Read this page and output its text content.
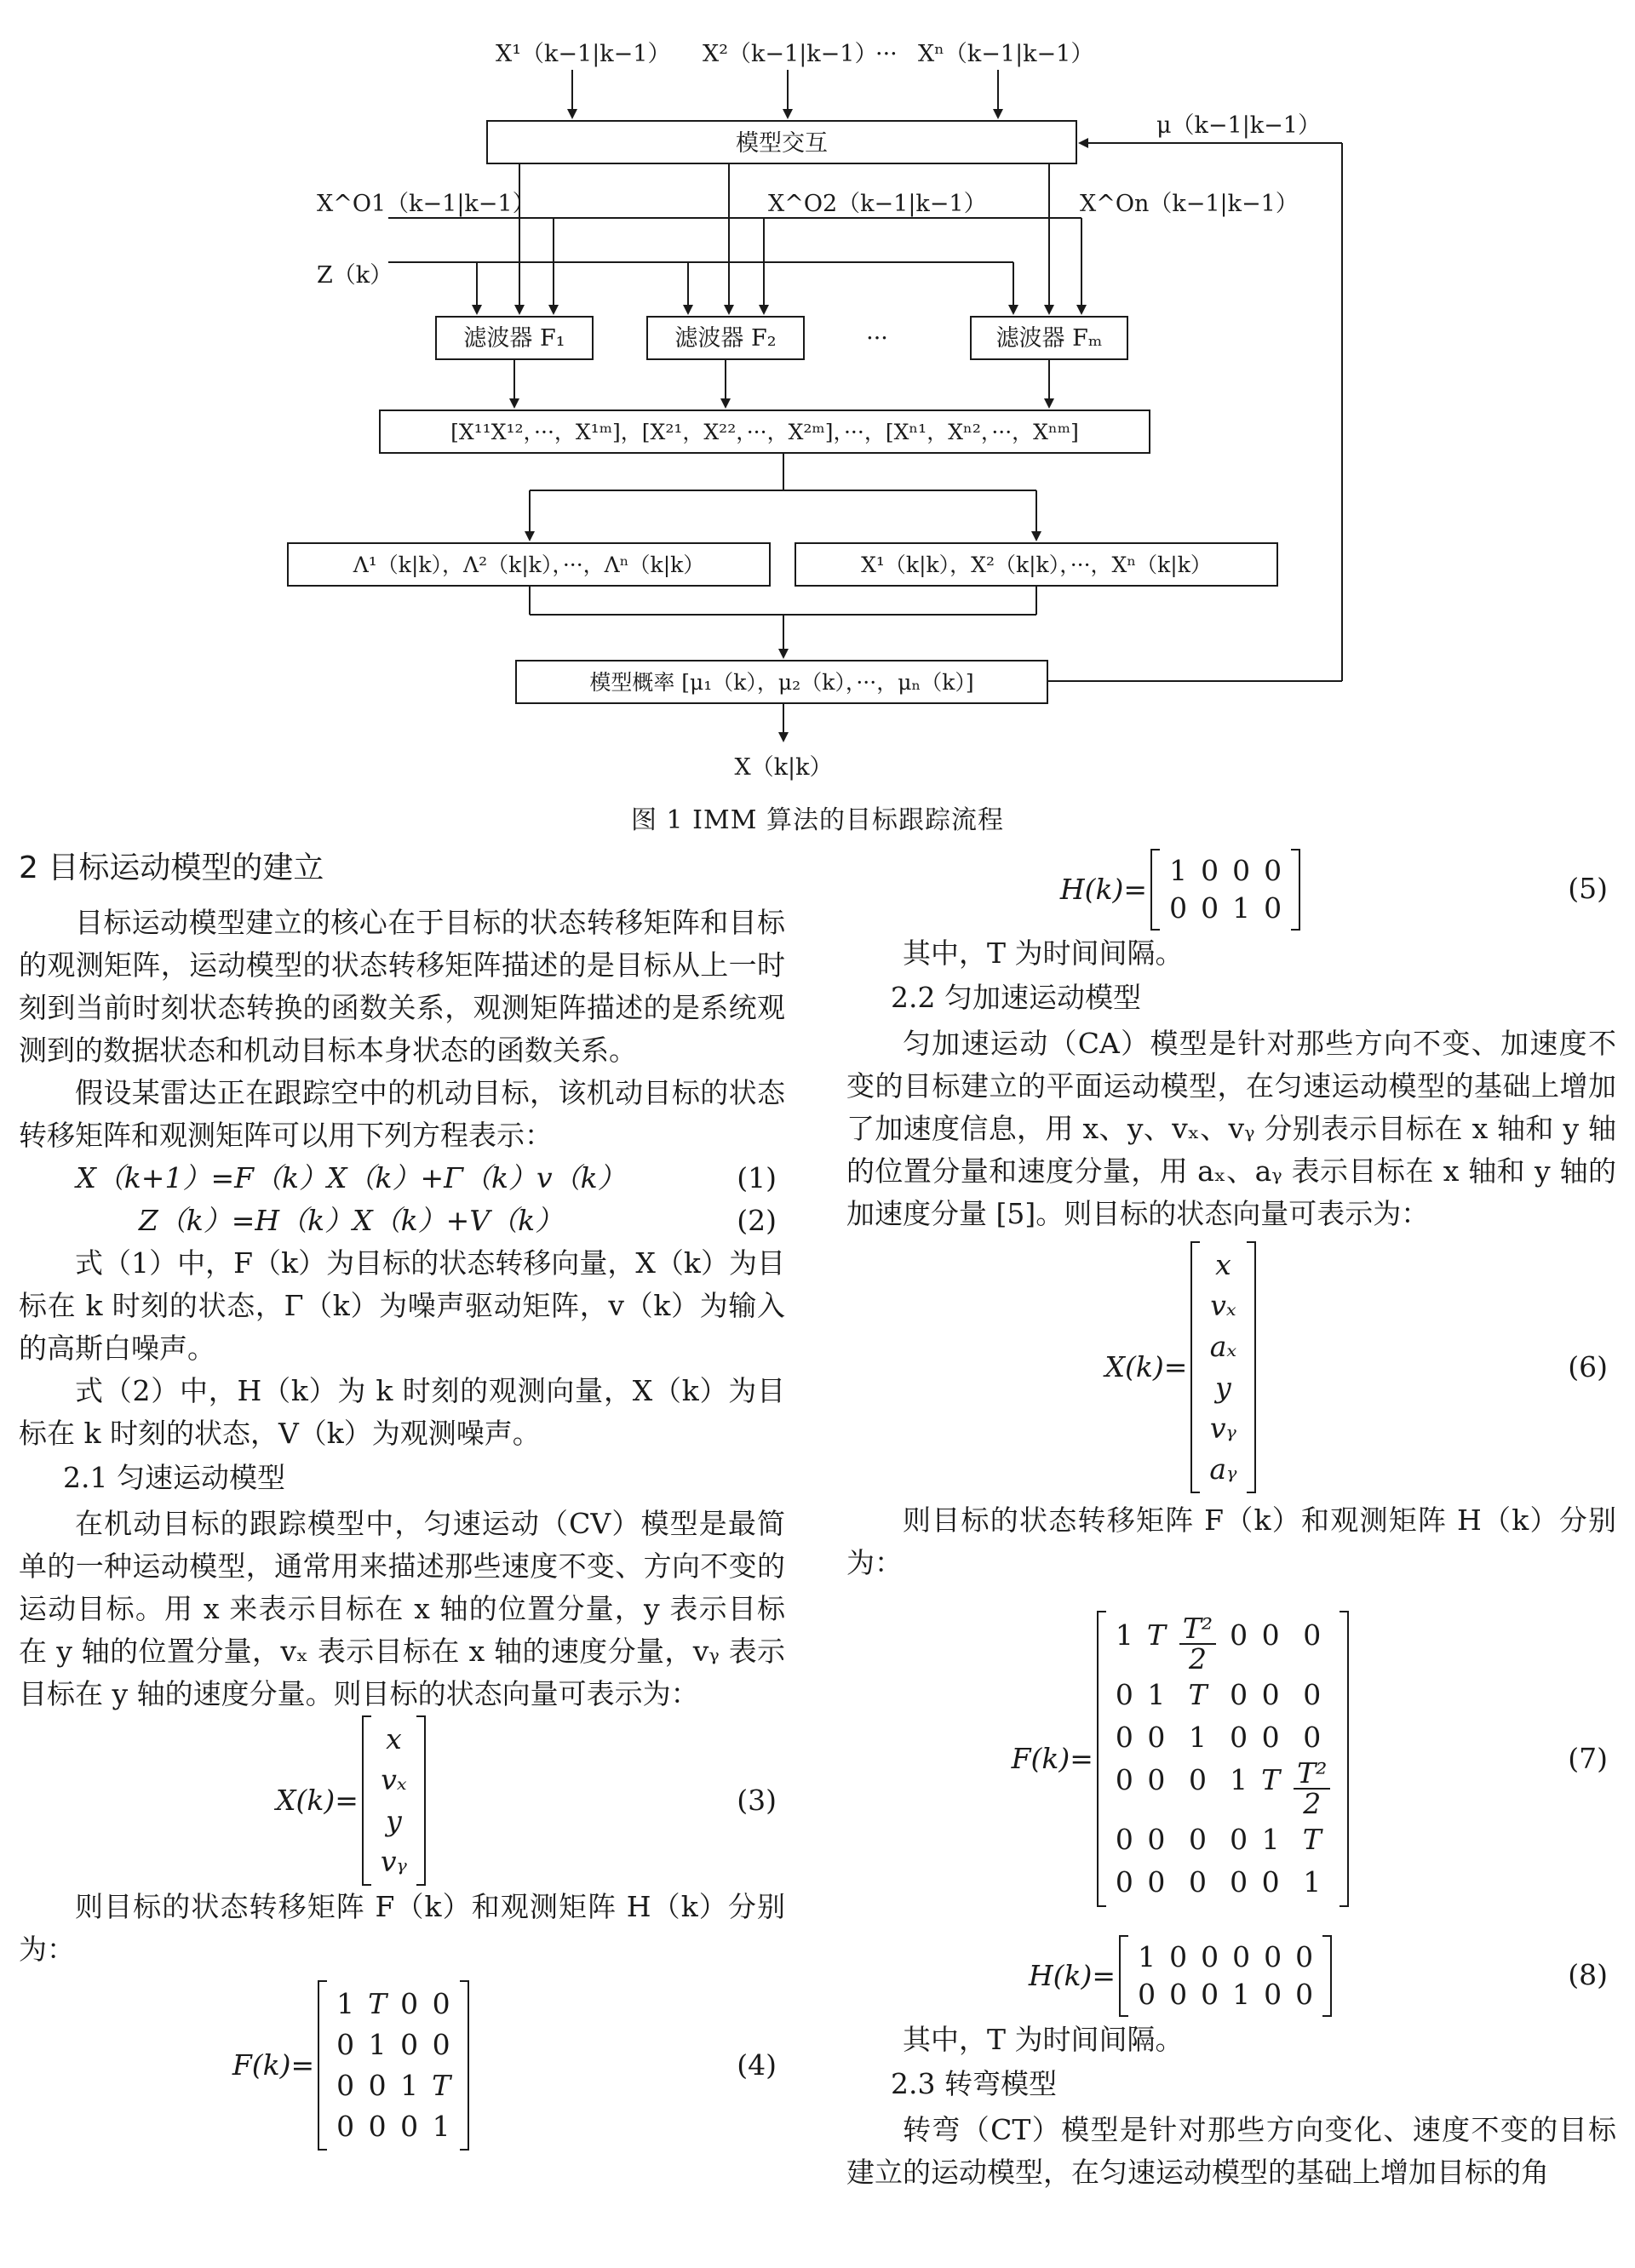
X¹（k−1|k−1） X²（k−1|k−1）
··· Xⁿ（k−1|k−1）
μ（k−1|k−1）
模型交互
X^O1（k−1|k−1）	X^O2（k−1|k−1）	X^On（k−1|k−1）
Z（k）
滤波器 F₁	滤波器 F₂	···	滤波器 Fₘ
[X¹¹X¹²，···，X¹ᵐ]，[X²¹，X²²，···，X²ᵐ]，···，[Xⁿ¹，Xⁿ²，···，Xⁿᵐ]
Λ¹（k|k），Λ²（k|k），···，Λⁿ（k|k）	X¹（k|k），X²（k|k），···，Xⁿ（k|k）
模型概率 [μ₁（k），μ₂（k），···，μₙ（k）]
X（k|k）
图 1 IMM 算法的目标跟踪流程
2 目标运动模型的建立

目标运动模型建立的核心在于目标的状态转移矩阵和目标的观测矩阵，运动模型的状态转移矩阵描述的是目标从上一时刻到当前时刻状态转换的函数关系，观测矩阵描述的是系统观测到的数据状态和机动目标本身状态的函数关系。

假设某雷达正在跟踪空中的机动目标，该机动目标的状态转移矩阵和观测矩阵可以用下列方程表示：

X（k+1）=F（k）X（k）+Γ（k）v（k）	(1)
Z（k）=H（k）X（k）+V（k）	(2)

式（1）中，F（k）为目标的状态转移向量，X（k）为目标在 k 时刻的状态，Γ（k）为噪声驱动矩阵，v（k）为输入的高斯白噪声。

式（2）中，H（k）为 k 时刻的观测向量，X（k）为目标在 k 时刻的状态，V（k）为观测噪声。

2.1 匀速运动模型

在机动目标的跟踪模型中，匀速运动（CV）模型是最简单的一种运动模型，通常用来描述那些速度不变、方向不变的运动目标。用 x 来表示目标在 x 轴的位置分量，y 表示目标在 y 轴的位置分量，vₓ 表示目标在 x 轴的速度分量，vᵧ 表示目标在 y 轴的速度分量。则目标的状态向量可表示为：

X(k)=
x
vₓ
y
vᵧ
(3)

则目标的状态转移矩阵 F（k）和观测矩阵 H（k）分别为：

F(k)=
1 T 0 0
0 1 0 0
0 0 1 T
0 0 0 1
(4)
H(k)=
1 0 0 0
0 0 1 0
(5)

其中，T 为时间间隔。

2.2 匀加速运动模型

匀加速运动（CA）模型是针对那些方向不变、加速度不变的目标建立的平面运动模型，在匀速运动模型的基础上增加了加速度信息，用 x、y、vₓ、vᵧ 分别表示目标在 x 轴和 y 轴的位置分量和速度分量，用 aₓ、aᵧ 表示目标在 x 轴和 y 轴的加速度分量 [5]。则目标的状态向量可表示为：

X(k)=
x
vₓ
aₓ
y
vᵧ
aᵧ
(6)

则目标的状态转移矩阵 F（k）和观测矩阵 H（k）分别为：

F(k)=
1 T $\frac{\text{T²}}{2} 0$ 0 0
0 1 T 0 0 0
0 0 1 0 0 0
0 0 0 1 T $\frac{\text{T²}}{2}$
0 0 0 0 1 T
0 0 0 0 0 1
(7)
H(k)=
1 0 0 0 0 0
0 0 0 1 0 0
(8)

其中，T 为时间间隔。

2.3 转弯模型

转弯（CT）模型是针对那些方向变化、速度不变的目标建立的运动模型，在匀速运动模型的基础上增加目标的角
